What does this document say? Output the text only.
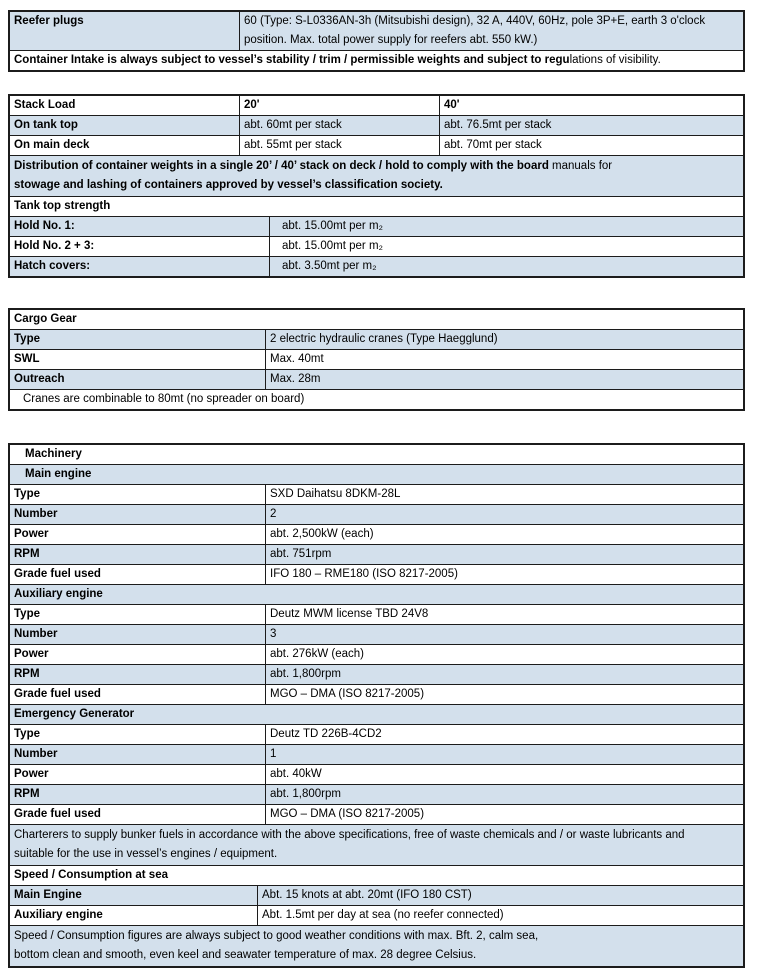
Reefer plugs	60 (Type: S-L0336AN-3h (Mitsubishi design), 32 A, 440V, 60Hz, pole 3P+E, earth 3 o'clock position. Max. total power supply for reefers abt. 550 kW.)
Container Intake is always subject to vessel’s stability / trim / permissible weights and subject to regulations of visibility.
Stack Load	20'	40'
On tank top	abt. 60mt per stack	abt. 76.5mt per stack
On main deck	abt. 55mt per stack	abt. 70mt per stack
Distribution of container weights in a single 20’ / 40’ stack on deck / hold to comply with the board manuals for
stowage and lashing of containers approved by vessel’s classification society.
Tank top strength
Hold No. 1:	abt. 15.00mt per m₂
Hold No. 2 + 3:	abt. 15.00mt per m₂
Hatch covers:	abt. 3.50mt per m₂
Cargo Gear
Type	2 electric hydraulic cranes (Type Haegglund)
SWL	Max. 40mt
Outreach	Max. 28m
Cranes are combinable to 80mt (no spreader on board)
Machinery
Main engine
Type	SXD Daihatsu 8DKM-28L
Number	2
Power	abt. 2,500kW (each)
RPM	abt. 751rpm
Grade fuel used	IFO 180 – RME180 (ISO 8217-2005)
Auxiliary engine
Type	Deutz MWM license TBD 24V8
Number	3
Power	abt. 276kW (each)
RPM	abt. 1,800rpm
Grade fuel used	MGO – DMA (ISO 8217-2005)
Emergency Generator
Type	Deutz TD 226B-4CD2
Number	1
Power	abt. 40kW
RPM	abt. 1,800rpm
Grade fuel used	MGO – DMA (ISO 8217-2005)
Charterers to supply bunker fuels in accordance with the above specifications, free of waste chemicals and / or waste lubricants and
suitable for the use in vessel’s engines / equipment.
Speed / Consumption at sea
Main Engine	Abt. 15 knots at abt. 20mt (IFO 180 CST)
Auxiliary engine	Abt. 1.5mt per day at sea (no reefer connected)
Speed / Consumption figures are always subject to good weather conditions with max. Bft. 2, calm sea,
bottom clean and smooth, even keel and seawater temperature of max. 28 degree Celsius.
